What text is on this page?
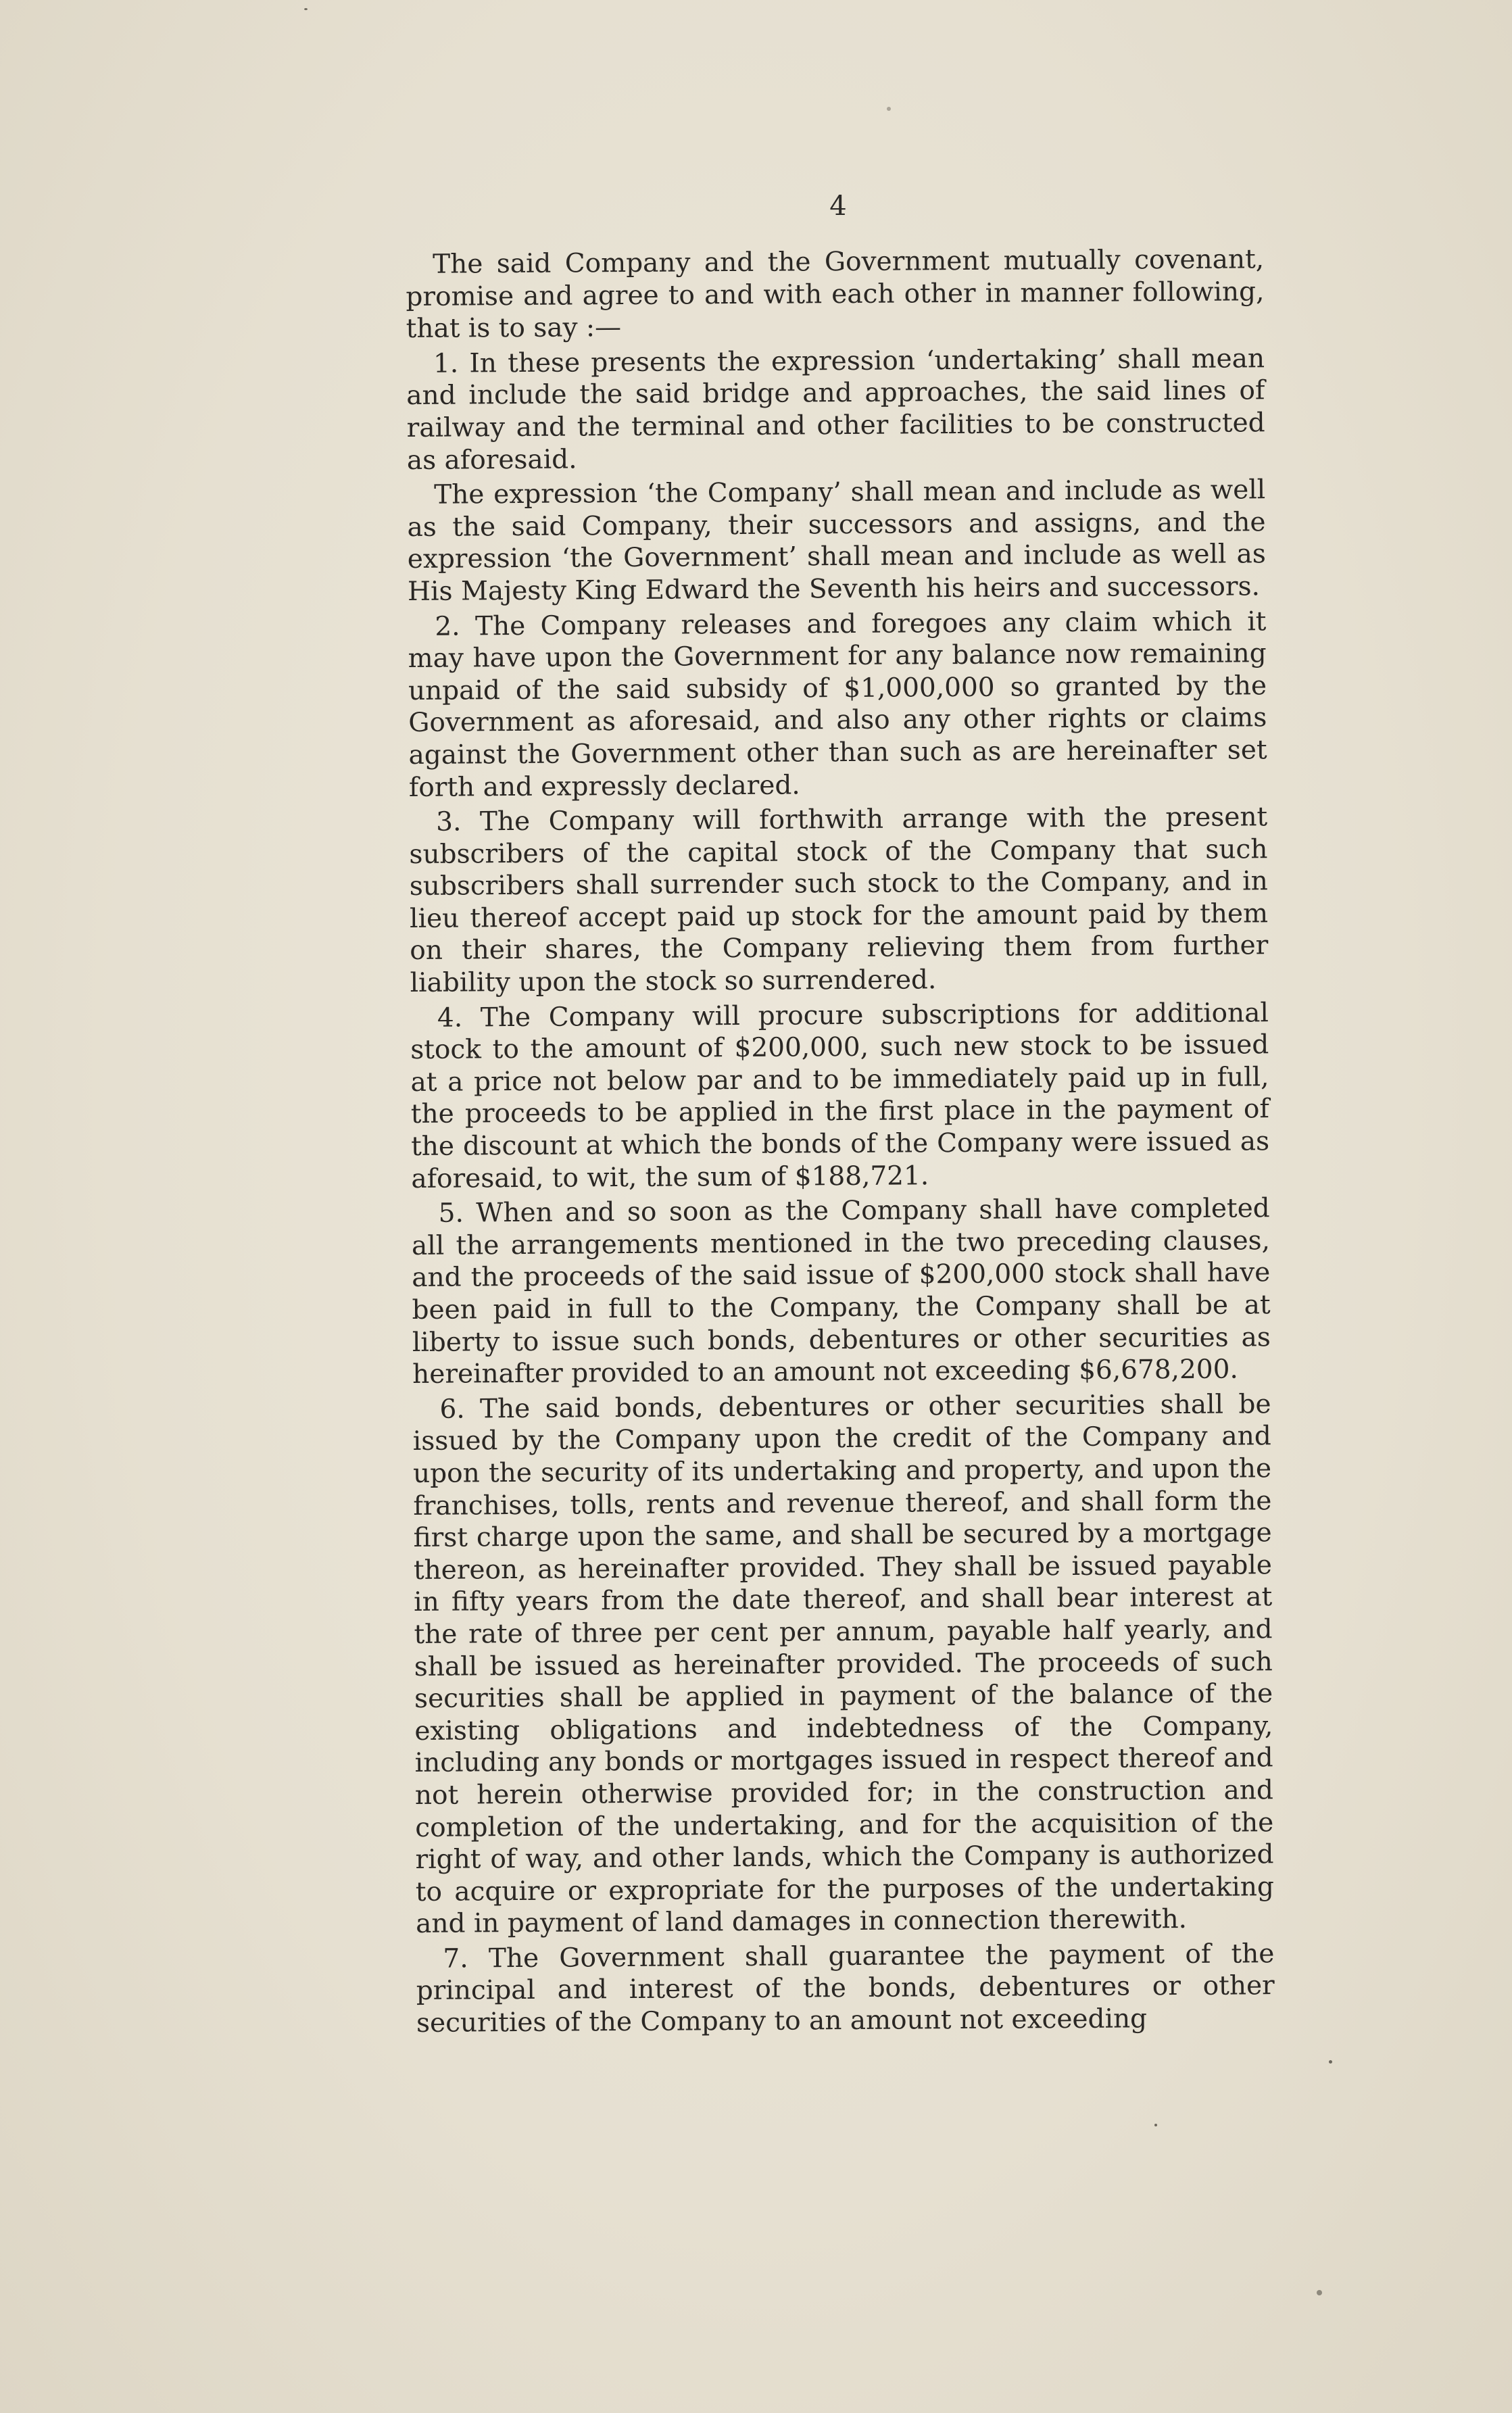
4

The said Company and the Government mutually covenant, promise and agree to and with each other in manner following, that is to say :—

1. In these presents the expression ‘undertaking’ shall mean and include the said bridge and approaches, the said lines of railway and the terminal and other facilities to be constructed as aforesaid.

The expression ‘the Company’ shall mean and include as well as the said Company, their successors and assigns, and the expression ‘the Government’ shall mean and include as well as His Majesty King Edward the Seventh his heirs and successors.

2. The Company releases and foregoes any claim which it may have upon the Government for any balance now remaining unpaid of the said subsidy of $1,000,000 so granted by the Government as aforesaid, and also any other rights or claims against the Government other than such as are hereinafter set forth and expressly declared.

3. The Company will forthwith arrange with the present subscribers of the capital stock of the Company that such subscribers shall surrender such stock to the Company, and in lieu thereof accept paid up stock for the amount paid by them on their shares, the Company relieving them from further liability upon the stock so surrendered.

4. The Company will procure subscriptions for additional stock to the amount of $200,000, such new stock to be issued at a price not below par and to be immediately paid up in full, the proceeds to be applied in the first place in the payment of the discount at which the bonds of the Company were issued as aforesaid, to wit, the sum of $188,721.

5. When and so soon as the Company shall have completed all the arrangements mentioned in the two preceding clauses, and the proceeds of the said issue of $200,000 stock shall have been paid in full to the Company, the Company shall be at liberty to issue such bonds, debentures or other securities as hereinafter provided to an amount not exceeding $6,678,200.

6. The said bonds, debentures or other securities shall be issued by the Company upon the credit of the Company and upon the security of its undertaking and property, and upon the franchises, tolls, rents and revenue thereof, and shall form the first charge upon the same, and shall be secured by a mortgage thereon, as hereinafter provided. They shall be issued payable in fifty years from the date thereof, and shall bear interest at the rate of three per cent per annum, payable half yearly, and shall be issued as hereinafter provided. The proceeds of such securities shall be applied in payment of the balance of the existing obligations and indebtedness of the Company, including any bonds or mortgages issued in respect thereof and not herein otherwise provided for; in the construction and completion of the undertaking, and for the acquisition of the right of way, and other lands, which the Company is authorized to acquire or expropriate for the purposes of the undertaking and in payment of land damages in connection therewith.

7. The Government shall guarantee the payment of the principal and interest of the bonds, debentures or other securities of the Company to an amount not exceeding
